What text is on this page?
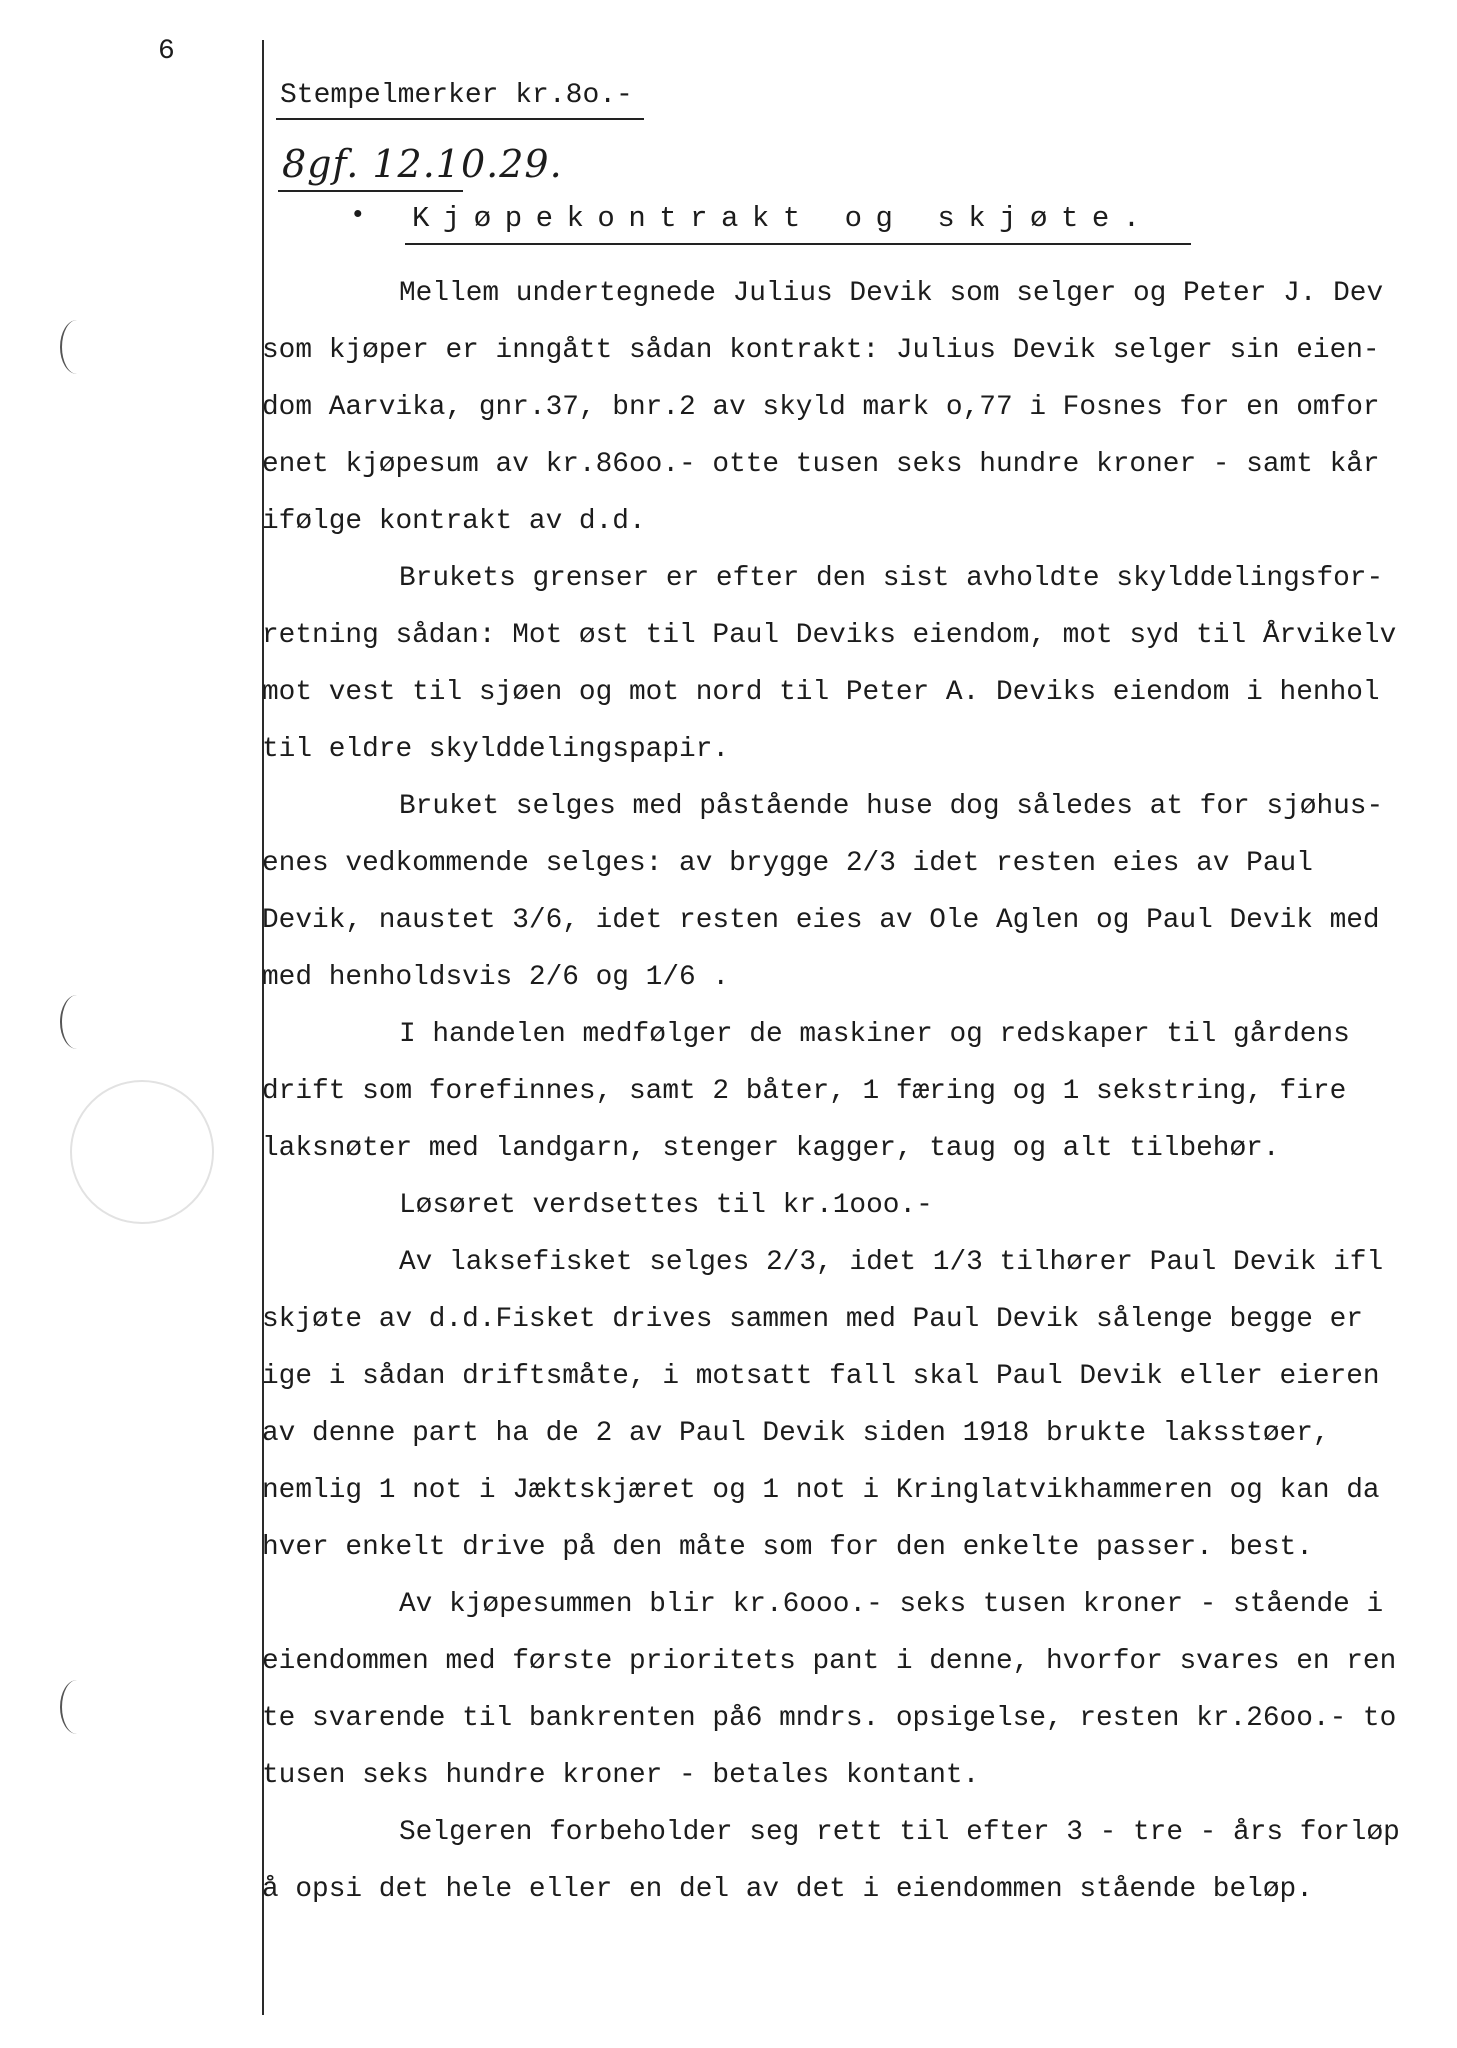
6
Stempelmerker kr.8o.-
8gf. 12.10.29.
• Kjøpekontrakt og skjøte.
Mellem undertegnede Julius Devik som selger og Peter J. Dev
som kjøper er inngått sådan kontrakt: Julius Devik selger sin eien-
dom Aarvika, gnr.37, bnr.2 av skyld mark o,77 i Fosnes for en omfor
enet kjøpesum av kr.86oo.- otte tusen seks hundre kroner - samt kår
ifølge kontrakt av d.d.
Brukets grenser er efter den sist avholdte skylddelingsfor-
retning sådan: Mot øst til Paul Deviks eiendom, mot syd til Årvikelv
mot vest til sjøen og mot nord til Peter A. Deviks eiendom i henhol
til eldre skylddelingspapir.
Bruket selges med påstående huse dog således at for sjøhus-
enes vedkommende selges: av brygge 2/3 idet resten eies av Paul
Devik, naustet 3/6, idet resten eies av Ole Aglen og Paul Devik med
med henholdsvis 2/6 og 1/6 .
I handelen medfølger de maskiner og redskaper til gårdens
drift som forefinnes, samt 2 båter, 1 færing og 1 sekstring, fire
laksnøter med landgarn, stenger kagger, taug og alt tilbehør.
Løsøret verdsettes til kr.1ooo.-
Av laksefisket selges 2/3, idet 1/3 tilhører Paul Devik ifl
skjøte av d.d.Fisket drives sammen med Paul Devik sålenge begge er
ige i sådan driftsmåte, i motsatt fall skal Paul Devik eller eieren
av denne part ha de 2 av Paul Devik siden 1918 brukte laksstøer,
nemlig 1 not i Jæktskjæret og 1 not i Kringlatvikhammeren og kan da
hver enkelt drive på den måte som for den enkelte passer. best.
Av kjøpesummen blir kr.6ooo.- seks tusen kroner - stående i
eiendommen med første prioritets pant i denne, hvorfor svares en ren
te svarende til bankrenten på6 mndrs. opsigelse, resten kr.26oo.- to
tusen seks hundre kroner - betales kontant.
Selgeren forbeholder seg rett til efter 3 - tre - års forløp
å opsi det hele eller en del av det i eiendommen stående beløp.
